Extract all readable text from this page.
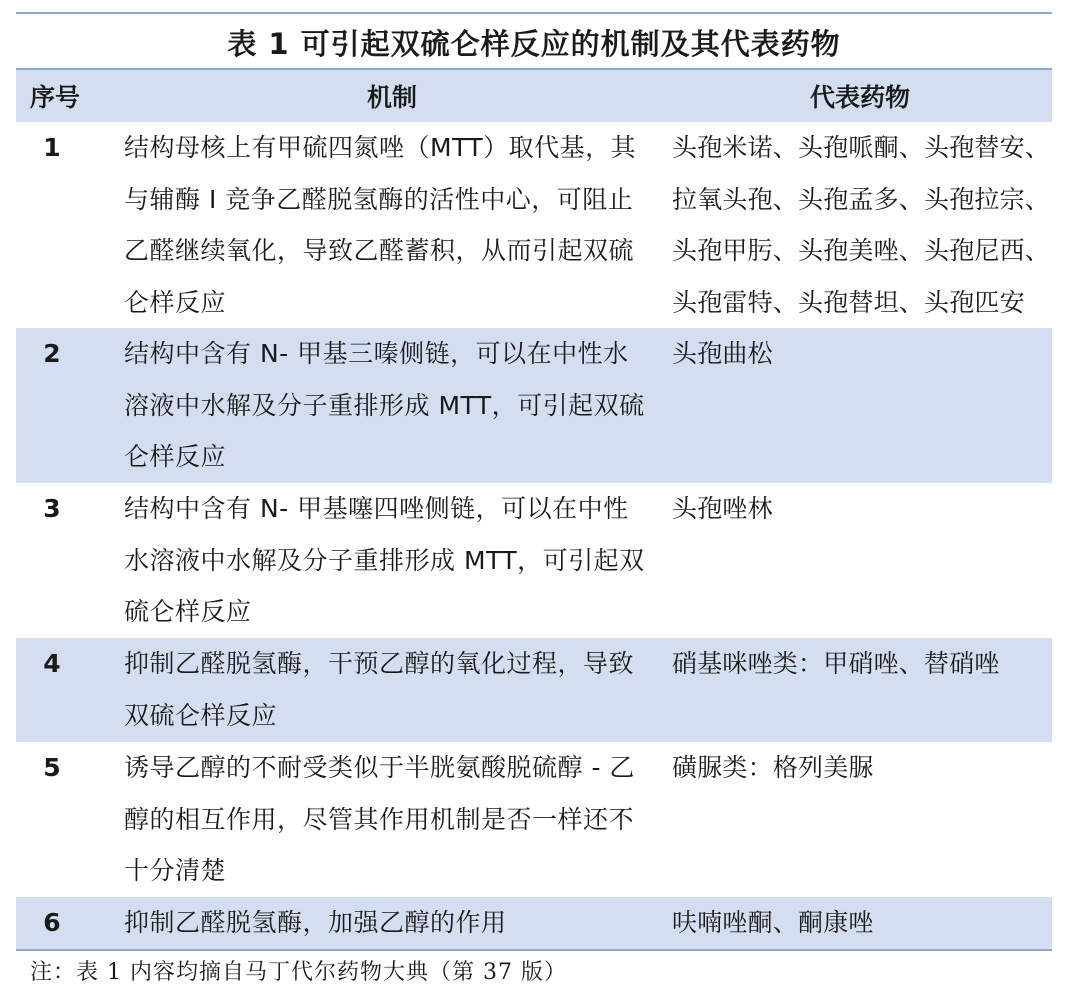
表 1 可引起双硫仑样反应的机制及其代表药物
序号	机制	代表药物
1	结构母核上有甲硫四氮唑（MTT）取代基，其与辅酶 I 竞争乙醛脱氢酶的活性中心，可阻止乙醛继续氧化，导致乙醛蓄积，从而引起双硫仑样反应	头孢米诺、头孢哌酮、头孢替安、拉氧头孢、头孢孟多、头孢拉宗、头孢甲肟、头孢美唑、头孢尼西、头孢雷特、头孢替坦、头孢匹安
2	结构中含有 N- 甲基三嗪侧链，可以在中性水溶液中水解及分子重排形成 MTT，可引起双硫仑样反应	头孢曲松
3	结构中含有 N- 甲基噻四唑侧链，可以在中性水溶液中水解及分子重排形成 MTT，可引起双硫仑样反应	头孢唑林
4	抑制乙醛脱氢酶，干预乙醇的氧化过程，导致双硫仑样反应	硝基咪唑类：甲硝唑、替硝唑
5	诱导乙醇的不耐受类似于半胱氨酸脱硫醇 - 乙醇的相互作用，尽管其作用机制是否一样还不十分清楚	磺脲类：格列美脲
6	抑制乙醛脱氢酶，加强乙醇的作用	呋喃唑酮、酮康唑
注：表 1 内容均摘自马丁代尔药物大典（第 37 版）
